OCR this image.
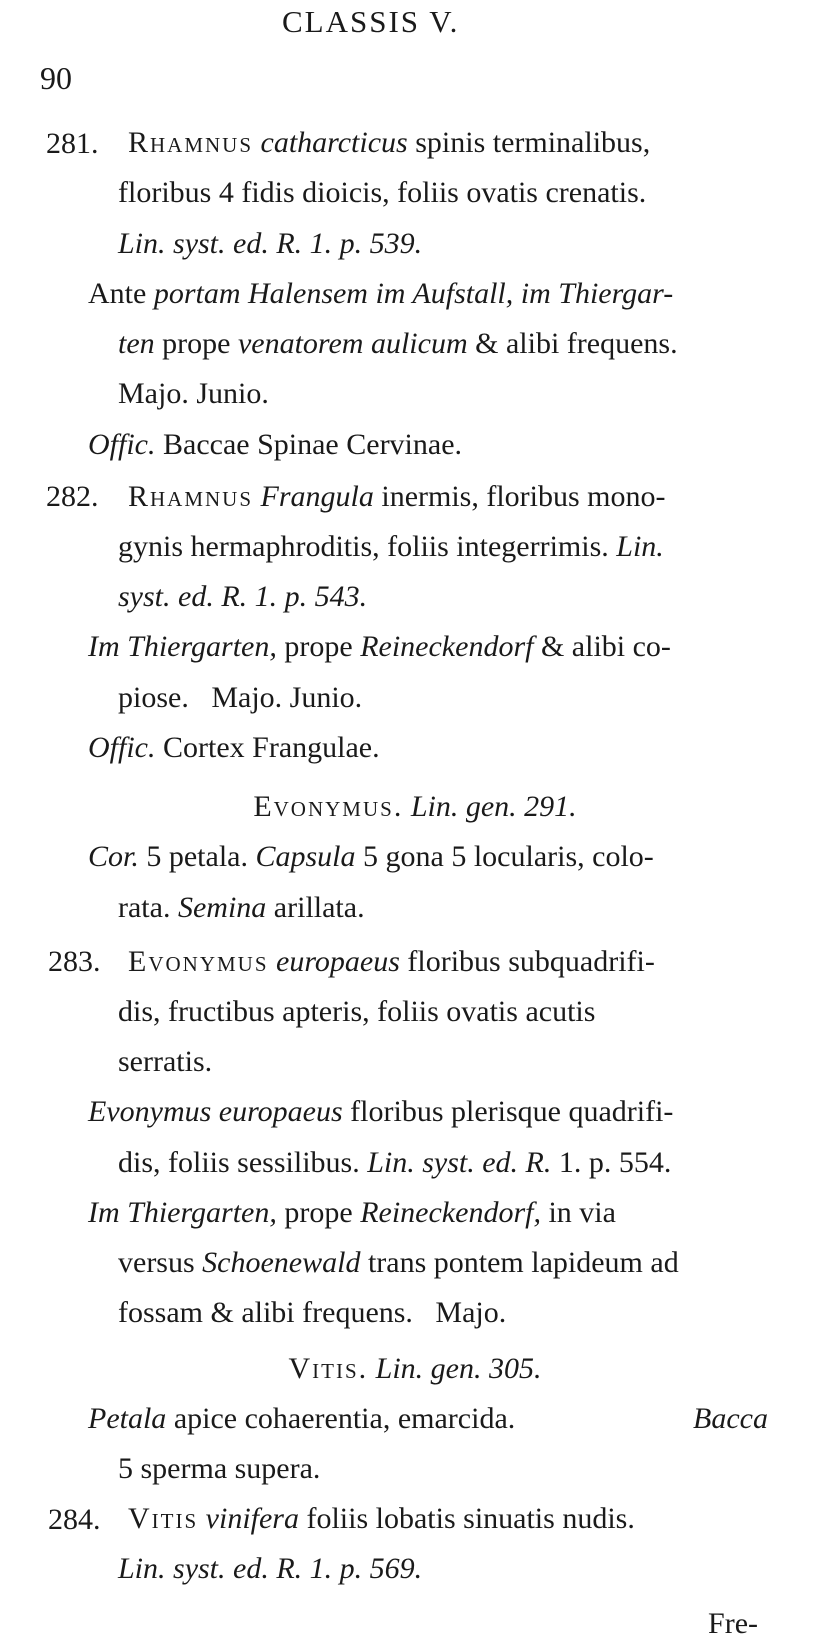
90
CLASSIS V.
281. Rhamnus catharcticus spinis terminalibus,
floribus 4 fidis dioicis, foliis ovatis crenatis.
Lin. syst. ed. R. 1. p. 539.
Ante portam Halensem im Aufstall, im Thiergar-
ten prope venatorem aulicum & alibi frequens.
Majo. Junio.
Offic. Baccae Spinae Cervinae.
282. Rhamnus Frangula inermis, floribus mono-
gynis hermaphroditis, foliis integerrimis. Lin.
syst. ed. R. 1. p. 543.
Im Thiergarten, prope Reineckendorf & alibi co-
piose.   Majo. Junio.
Offic. Cortex Frangulae.
Evonymus. Lin. gen. 291.
Cor. 5 petala. Capsula 5 gona 5 locularis, colo-
rata. Semina arillata.
283. Evonymus europaeus floribus subquadrifi-
dis, fructibus apteris, foliis ovatis acutis
serratis.
Evonymus europaeus floribus plerisque quadrifi-
dis, foliis sessilibus. Lin. syst. ed. R. 1. p. 554.
Im Thiergarten, prope Reineckendorf, in via
versus Schoenewald trans pontem lapideum ad
fossam & alibi frequens.   Majo.
Vitis. Lin. gen. 305.
Petala apice cohaerentia, emarcida.	Bacca
5 sperma supera.
284. Vitis vinifera foliis lobatis sinuatis nudis.
Lin. syst. ed. R. 1. p. 569.
Fre-
